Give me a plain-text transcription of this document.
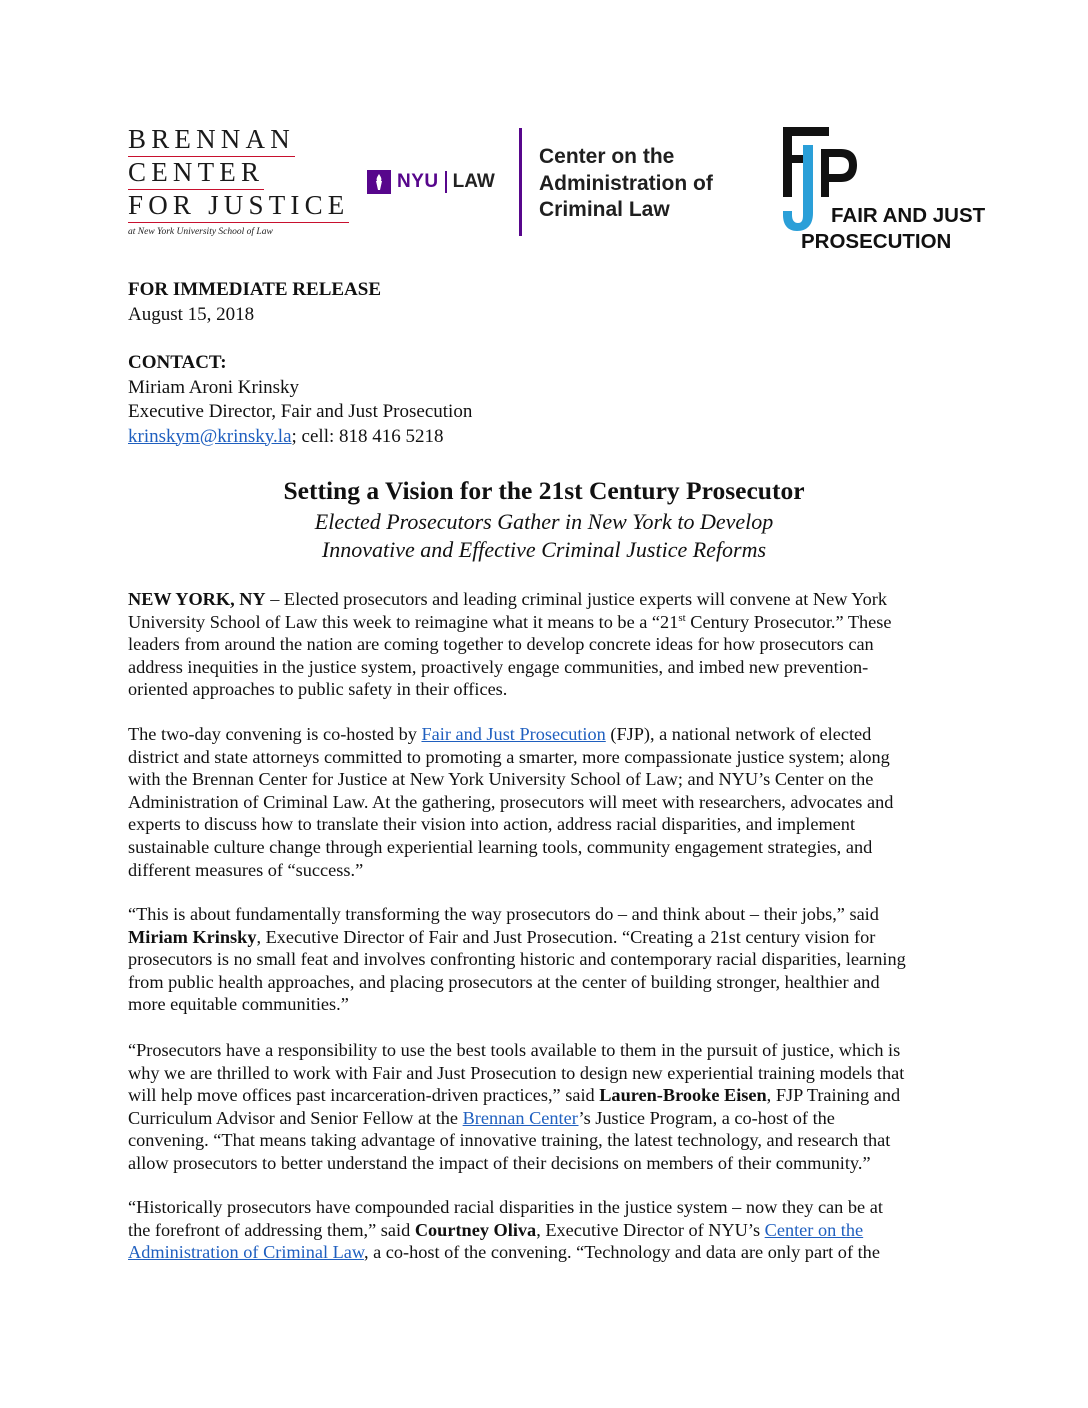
BRENNAN
CENTER
FOR JUSTICE
at New York University School of Law
NYU LAW
Center on the
Administration of
Criminal Law	FAIR AND JUST
PROSECUTION
FOR IMMEDIATE RELEASE
August 15, 2018
CONTACT:
Miriam Aroni Krinsky
Executive Director, Fair and Just Prosecution
krinskym@krinsky.la; cell: 818 416 5218
Setting a Vision for the 21st Century Prosecutor
Elected Prosecutors Gather in New York to Develop
Innovative and Effective Criminal Justice Reforms
NEW YORK, NY – Elected prosecutors and leading criminal justice experts will convene at New York
University School of Law this week to reimagine what it means to be a “21st Century Prosecutor.” These
leaders from around the nation are coming together to develop concrete ideas for how prosecutors can
address inequities in the justice system, proactively engage communities, and imbed new prevention-
oriented approaches to public safety in their offices.
The two-day convening is co-hosted by Fair and Just Prosecution (FJP), a national network of elected
district and state attorneys committed to promoting a smarter, more compassionate justice system; along
with the Brennan Center for Justice at New York University School of Law; and NYU’s Center on the
Administration of Criminal Law. At the gathering, prosecutors will meet with researchers, advocates and
experts to discuss how to translate their vision into action, address racial disparities, and implement
sustainable culture change through experiential learning tools, community engagement strategies, and
different measures of “success.”
“This is about fundamentally transforming the way prosecutors do – and think about – their jobs,” said
Miriam Krinsky, Executive Director of Fair and Just Prosecution. “Creating a 21st century vision for
prosecutors is no small feat and involves confronting historic and contemporary racial disparities, learning
from public health approaches, and placing prosecutors at the center of building stronger, healthier and
more equitable communities.”
“Prosecutors have a responsibility to use the best tools available to them in the pursuit of justice, which is
why we are thrilled to work with Fair and Just Prosecution to design new experiential training models that
will help move offices past incarceration-driven practices,” said Lauren-Brooke Eisen, FJP Training and
Curriculum Advisor and Senior Fellow at the Brennan Center’s Justice Program, a co-host of the
convening. “That means taking advantage of innovative training, the latest technology, and research that
allow prosecutors to better understand the impact of their decisions on members of their community.”
“Historically prosecutors have compounded racial disparities in the justice system – now they can be at
the forefront of addressing them,” said Courtney Oliva, Executive Director of NYU’s Center on the
Administration of Criminal Law, a co-host of the convening. “Technology and data are only part of the
